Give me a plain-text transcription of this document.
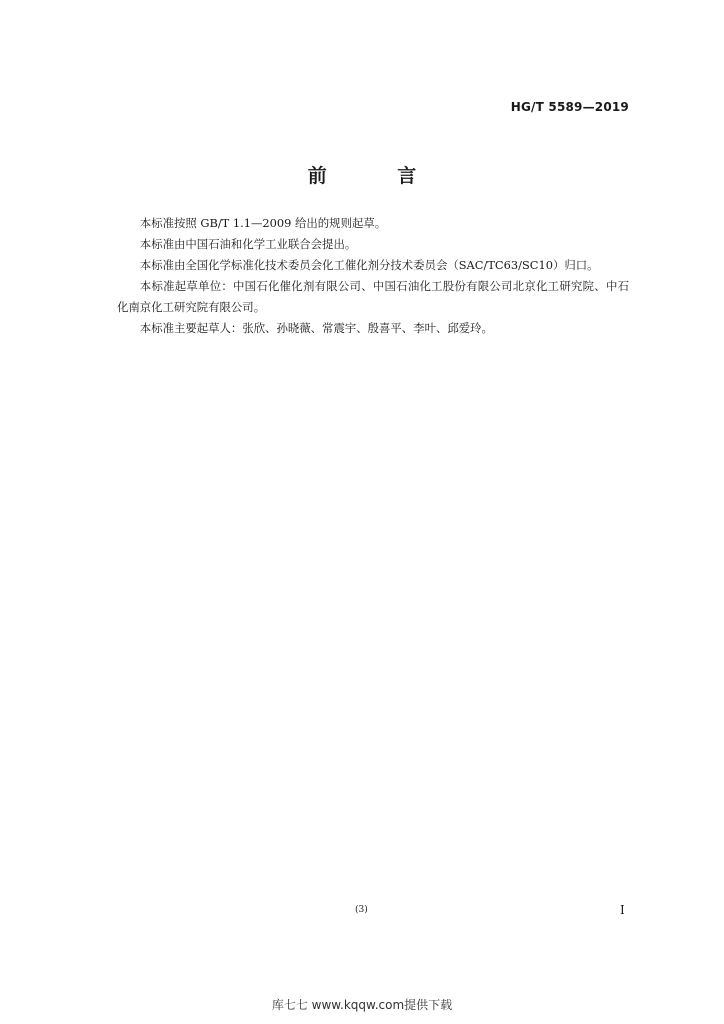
HG/T 5589—2019
前 言

本标准按照 GB/T 1.1—2009 给出的规则起草。

本标准由中国石油和化学工业联合会提出。

本标准由全国化学标准化技术委员会化工催化剂分技术委员会（SAC/TC63/SC10）归口。

本标准起草单位：中国石化催化剂有限公司、中国石油化工股份有限公司北京化工研究院、中石化南京化工研究院有限公司。

本标准主要起草人：张欣、孙晓薇、常震宇、殷喜平、李叶、邱爱玲。

(3)	I
库七七 www.kqqw.com提供下载
